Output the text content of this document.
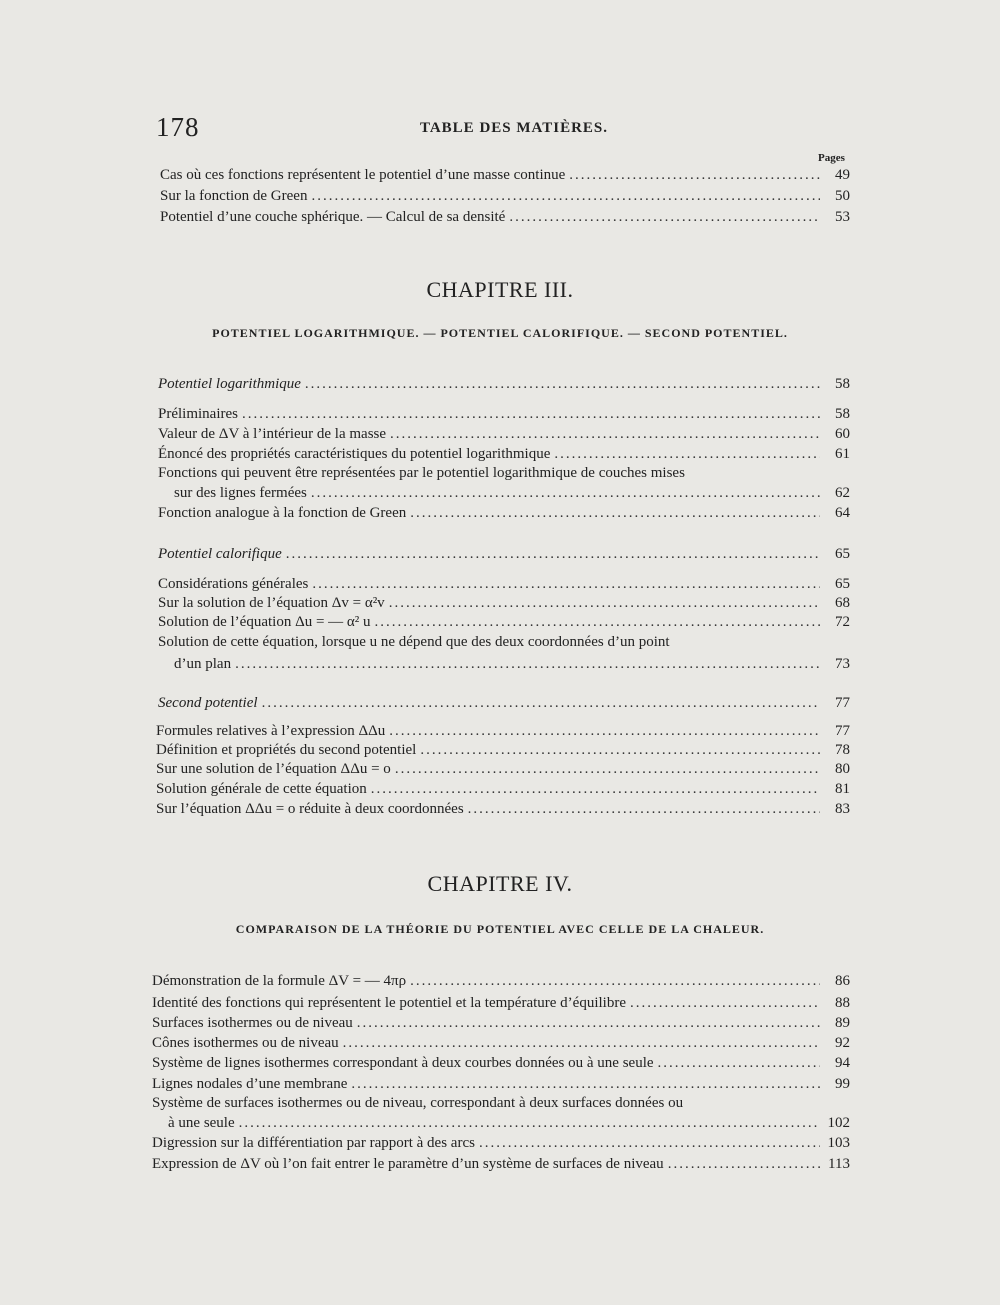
178	TABLE DES MATIÈRES.
Pages
Cas où ces fonctions représentent le potentiel d’une masse continue .....	49
Sur la fonction de Green .....	50
Potentiel d’une couche sphérique. — Calcul de sa densité .....	53
CHAPITRE III.
POTENTIEL LOGARITHMIQUE. — POTENTIEL CALORIFIQUE. — SECOND POTENTIEL.
Potentiel logarithmique .....	58
Préliminaires .....	58
Valeur de ΔV à l’intérieur de la masse .....	60
Énoncé des propriétés caractéristiques du potentiel logarithmique .....	61
Fonctions qui peuvent être représentées par le potentiel logarithmique de couches mises
sur des lignes fermées .....	62
Fonction analogue à la fonction de Green .....	64
Potentiel calorifique .....	65
Considérations générales .....	65
Sur la solution de l’équation Δv = α²v .....	68
Solution de l’équation Δu = — α² u .....	72
Solution de cette équation, lorsque u ne dépend que des deux coordonnées d’un point
d’un plan .....	73
Second potentiel .....	77
Formules relatives à l’expression ΔΔu .....	77
Définition et propriétés du second potentiel .....	78
Sur une solution de l’équation ΔΔu = o .....	80
Solution générale de cette équation .....	81
Sur l’équation ΔΔu = o réduite à deux coordonnées .....	83
CHAPITRE IV.
COMPARAISON DE LA THÉORIE DU POTENTIEL AVEC CELLE DE LA CHALEUR.
Démonstration de la formule ΔV = — 4πρ .....	86
Identité des fonctions qui représentent le potentiel et la température d’équilibre .....	88
Surfaces isothermes ou de niveau .....	89
Cônes isothermes ou de niveau .....	92
Système de lignes isothermes correspondant à deux courbes données ou à une seule .....	94
Lignes nodales d’une membrane .....	99
Système de surfaces isothermes ou de niveau, correspondant à deux surfaces données ou
à une seule .....	102
Digression sur la différentiation par rapport à des arcs .....	103
Expression de ΔV où l’on fait entrer le paramètre d’un système de surfaces de niveau .....	113
